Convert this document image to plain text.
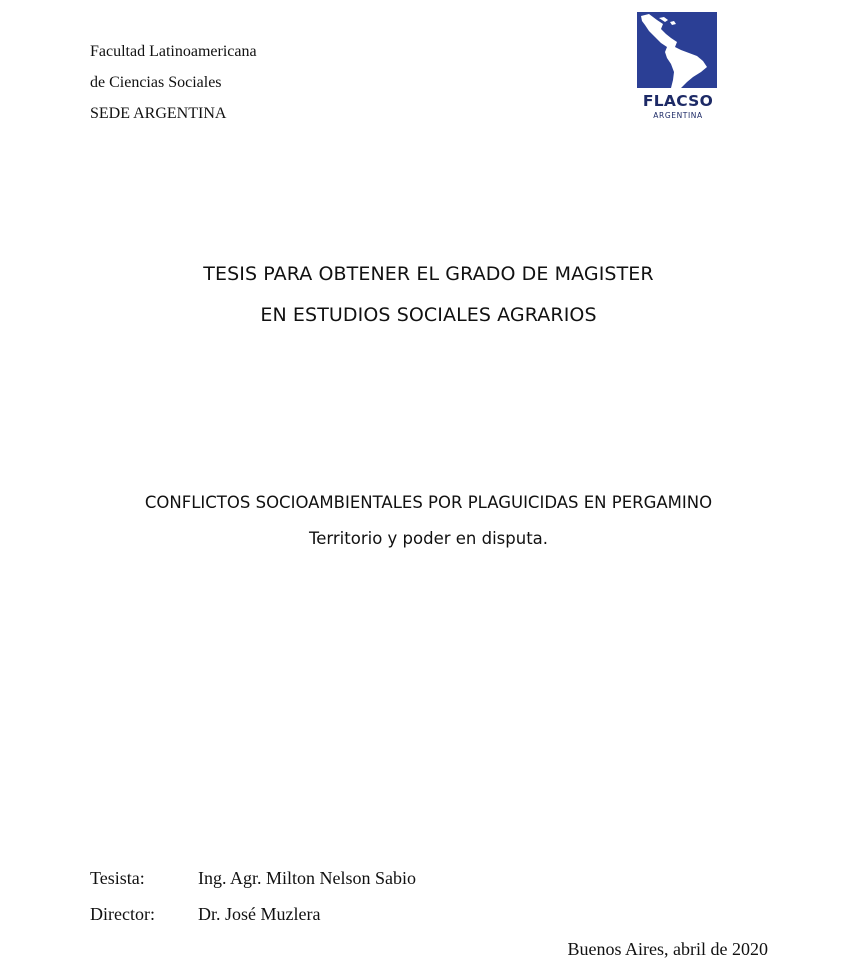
Facultad Latinoamericana
de Ciencias Sociales
SEDE ARGENTINA
FLACSO
ARGENTINA
TESIS PARA OBTENER EL GRADO DE MAGISTER
EN ESTUDIOS SOCIALES AGRARIOS
CONFLICTOS SOCIOAMBIENTALES POR PLAGUICIDAS EN PERGAMINO
Territorio y poder en disputa.
Tesista:	Ing. Agr. Milton Nelson Sabio
Director: Dr. José Muzlera
Buenos Aires, abril de 2020
